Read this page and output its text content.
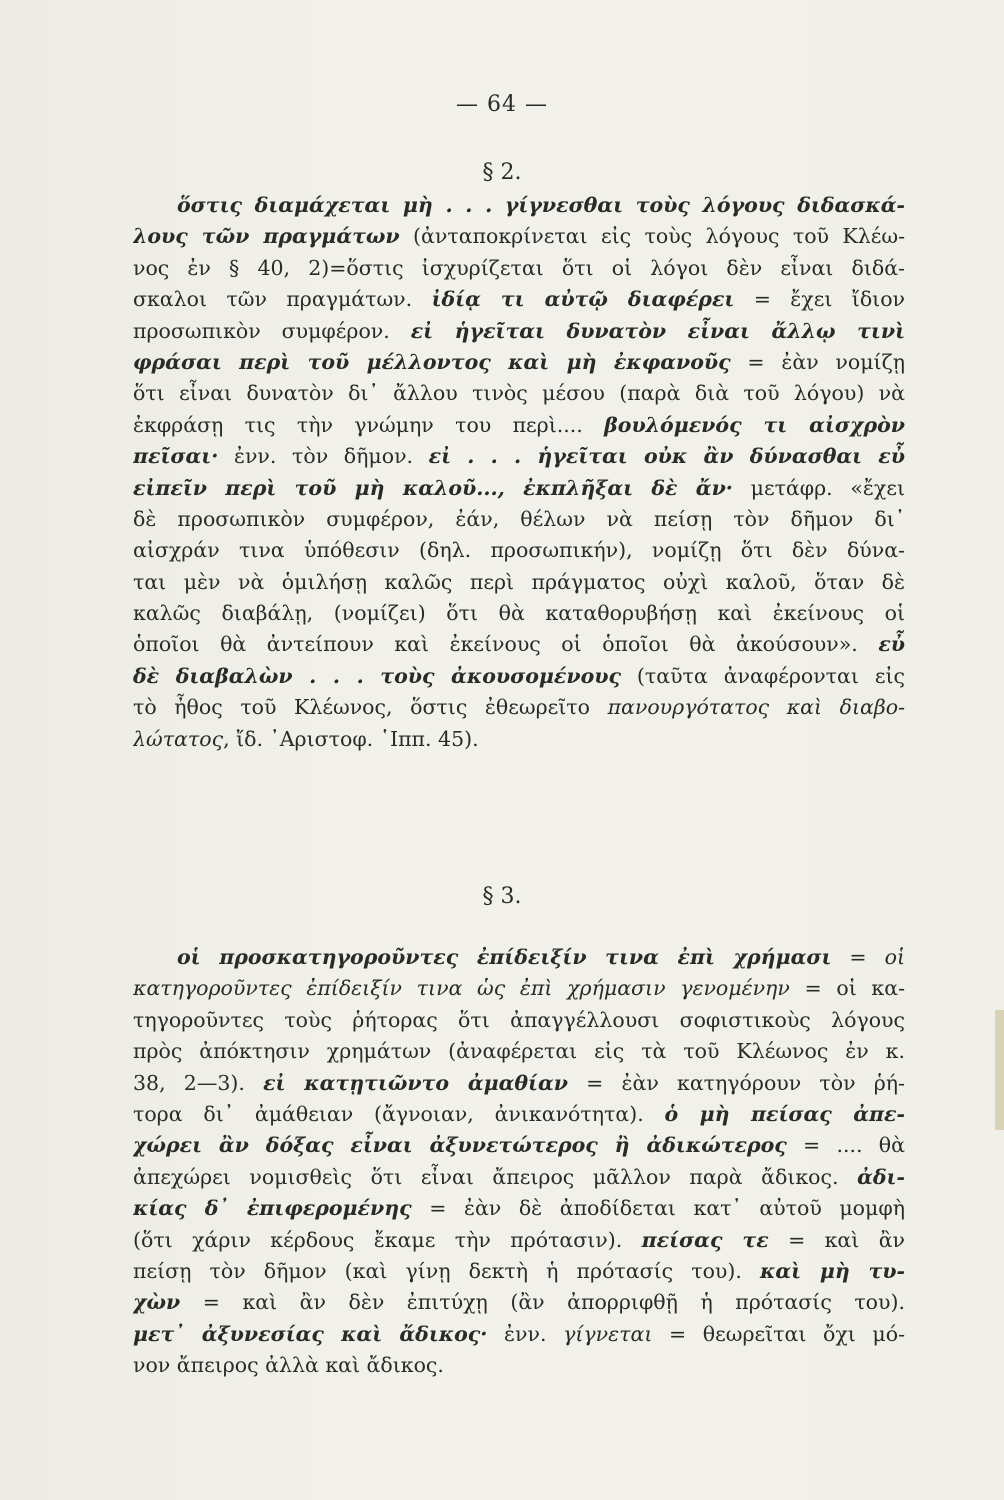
— 64 —
§ 2.
ὅστις διαμάχεται μὴ . . . γίγνεσθαι τοὺς λόγους διδασκά-
λους τῶν πραγμάτων (ἀνταποκρίνεται εἰς τοὺς λόγους τοῦ Κλέω-
νος ἐν § 40, 2)=ὅστις ἰσχυρίζεται ὅτι οἱ λόγοι δὲν εἶναι διδά-
σκαλοι τῶν πραγμάτων. ἰδίᾳ τι αὐτῷ διαφέρει = ἔχει ἴδιον
προσωπικὸν συμφέρον. εἰ ἡγεῖται δυνατὸν εἶναι ἄλλῳ τινὶ
φράσαι περὶ τοῦ μέλλοντος καὶ μὴ ἐκφανοῦς = ἐὰν νομίζῃ
ὅτι εἶναι δυνατὸν δι᾽ ἄλλου τινὸς μέσου (παρὰ διὰ τοῦ λόγου) νὰ
ἐκφράσῃ τις τὴν γνώμην του περὶ.... βουλόμενός τι αἰσχρὸν
πεῖσαι· ἐνν. τὸν δῆμον. εἰ . . . ἡγεῖται οὐκ ἂν δύνασθαι εὖ
εἰπεῖν περὶ τοῦ μὴ καλοῦ..., ἐκπλῆξαι δὲ ἄν· μετάφρ. «ἔχει
δὲ προσωπικὸν συμφέρον, ἐάν, θέλων νὰ πείσῃ τὸν δῆμον δι᾽
αἰσχράν τινα ὑπόθεσιν (δηλ. προσωπικήν), νομίζῃ ὅτι δὲν δύνα-
ται μὲν νὰ ὁμιλήσῃ καλῶς περὶ πράγματος οὐχὶ καλοῦ, ὅταν δὲ
καλῶς διαβάλῃ, (νομίζει) ὅτι θὰ καταθορυβήσῃ καὶ ἐκείνους οἱ
ὁποῖοι θὰ ἀντείπουν καὶ ἐκείνους οἱ ὁποῖοι θὰ ἀκούσουν». εὖ
δὲ διαβαλὼν . . . τοὺς ἀκουσομένους (ταῦτα ἀναφέρονται εἰς
τὸ ἦθος τοῦ Κλέωνος, ὅστις ἐθεωρεῖτο πανουργότατος καὶ διαβο-
λώτατος, ἴδ. ᾽Αριστοφ. ῾Ιππ. 45).
§ 3.
οἱ προσκατηγοροῦντες ἐπίδειξίν τινα ἐπὶ χρήμασι = οἱ
κατηγοροῦντες ἐπίδειξίν τινα ὡς ἐπὶ χρήμασιν γενομένην = οἱ κα-
τηγοροῦντες τοὺς ῥήτορας ὅτι ἀπαγγέλλουσι σοφιστικοὺς λόγους
πρὸς ἀπόκτησιν χρημάτων (ἀναφέρεται εἰς τὰ τοῦ Κλέωνος ἐν κ.
38, 2—3). εἰ κατῃτιῶντο ἀμαθίαν = ἐὰν κατηγόρουν τὸν ῥή-
τορα δι᾽ ἀμάθειαν (ἄγνοιαν, ἀνικανότητα). ὁ μὴ πείσας ἀπε-
χώρει ἂν δόξας εἶναι ἀξυνετώτερος ἢ ἀδικώτερος = .... θὰ
ἀπεχώρει νομισθεὶς ὅτι εἶναι ἄπειρος μᾶλλον παρὰ ἄδικος. ἀδι-
κίας δ᾽ ἐπιφερομένης = ἐὰν δὲ ἀποδίδεται κατ᾽ αὐτοῦ μομφὴ
(ὅτι χάριν κέρδους ἔκαμε τὴν πρότασιν). πείσας τε = καὶ ἂν
πείσῃ τὸν δῆμον (καὶ γίνῃ δεκτὴ ἡ πρότασίς του). καὶ μὴ τυ-
χὼν = καὶ ἂν δὲν ἐπιτύχῃ (ἂν ἀπορριφθῇ ἡ πρότασίς του).
μετ᾽ ἀξυνεσίας καὶ ἄδικος· ἐνν. γίγνεται = θεωρεῖται ὄχι μό-
νον ἄπειρος ἀλλὰ καὶ ἄδικος.
